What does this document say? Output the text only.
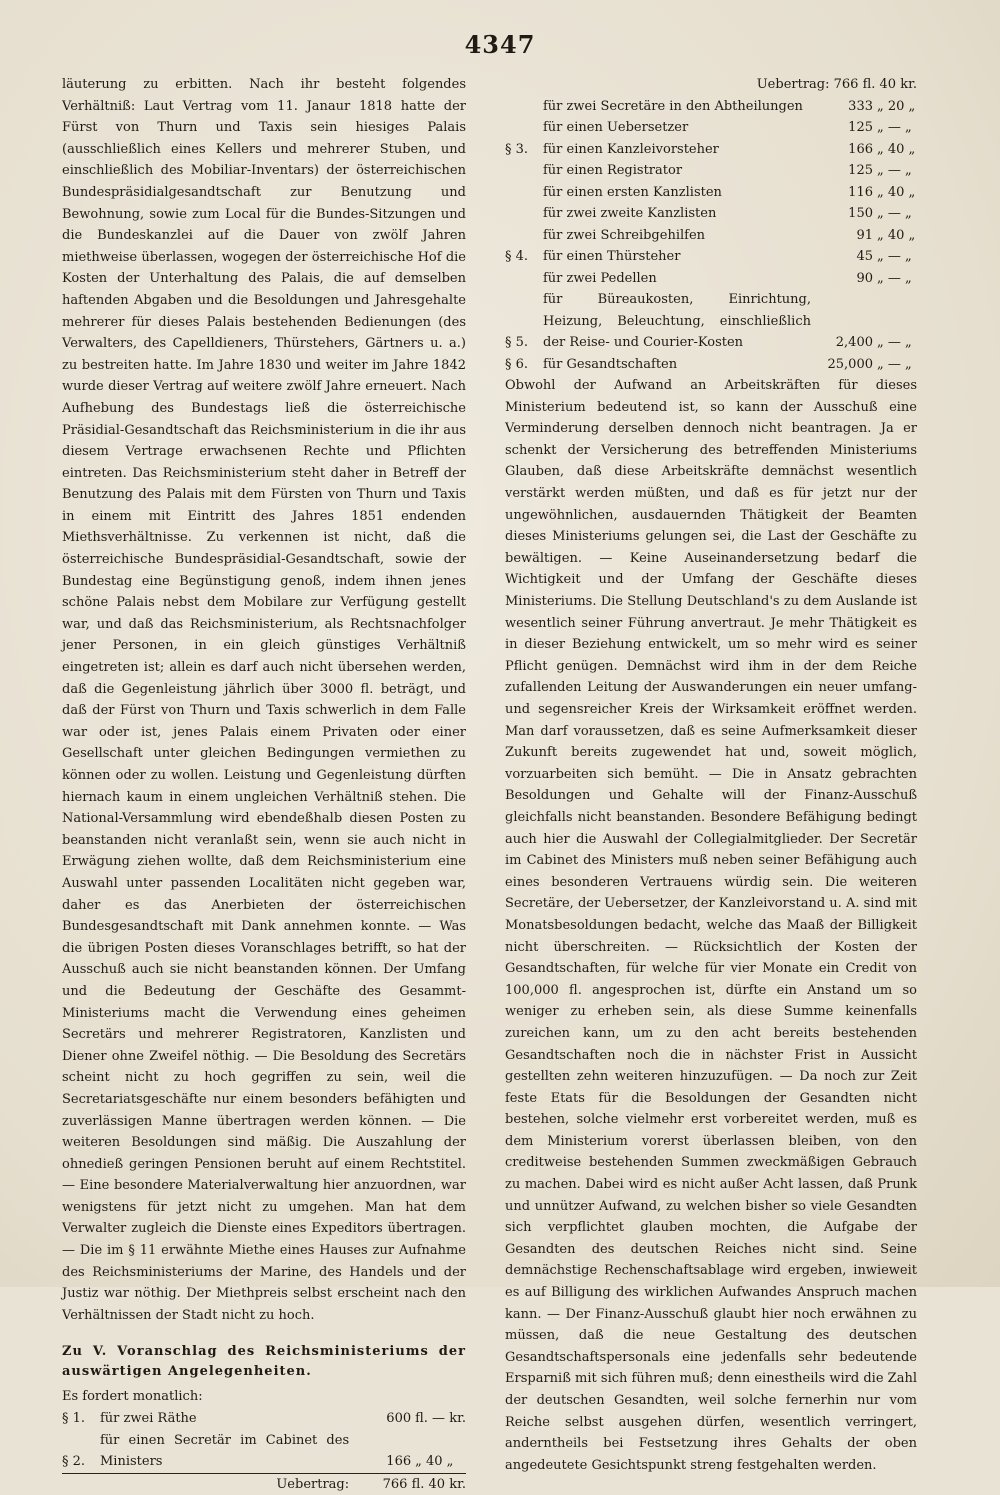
4347

läuterung zu erbitten. Nach ihr besteht folgendes Verhältniß: Laut Vertrag vom 11. Janaur 1818 hatte der Fürst von Thurn und Taxis sein hiesiges Palais (ausschließlich eines Kellers und mehrerer Stuben, und einschließlich des Mobiliar-Inventars) der österreichischen Bundespräsidialgesandtschaft zur Benutzung und Bewohnung, sowie zum Local für die Bundes-Sitzungen und die Bundeskanzlei auf die Dauer von zwölf Jahren miethweise überlassen, wogegen der österreichische Hof die Kosten der Unterhaltung des Palais, die auf demselben haftenden Abgaben und die Besoldungen und Jahresgehalte mehrerer für dieses Palais bestehenden Bedienungen (des Verwalters, des Capelldieners, Thürstehers, Gärtners u. a.) zu bestreiten hatte. Im Jahre 1830 und weiter im Jahre 1842 wurde dieser Vertrag auf weitere zwölf Jahre erneuert. Nach Aufhebung des Bundestags ließ die österreichische Präsidial-Gesandtschaft das Reichsministerium in die ihr aus diesem Vertrage erwachsenen Rechte und Pflichten eintreten. Das Reichsministerium steht daher in Betreff der Benutzung des Palais mit dem Fürsten von Thurn und Taxis in einem mit Eintritt des Jahres 1851 endenden Miethsverhältnisse. Zu verkennen ist nicht, daß die österreichische Bundespräsidial-Gesandtschaft, sowie der Bundestag eine Begünstigung genoß, indem ihnen jenes schöne Palais nebst dem Mobilare zur Verfügung gestellt war, und daß das Reichsministerium, als Rechtsnachfolger jener Personen, in ein gleich günstiges Verhältniß eingetreten ist; allein es darf auch nicht übersehen werden, daß die Gegenleistung jährlich über 3000 fl. beträgt, und daß der Fürst von Thurn und Taxis schwerlich in dem Falle war oder ist, jenes Palais einem Privaten oder einer Gesellschaft unter gleichen Bedingungen vermiethen zu können oder zu wollen. Leistung und Gegenleistung dürften hiernach kaum in einem ungleichen Verhältniß stehen. Die National-Versammlung wird ebendeßhalb diesen Posten zu beanstanden nicht veranlaßt sein, wenn sie auch nicht in Erwägung ziehen wollte, daß dem Reichsministerium eine Auswahl unter passenden Localitäten nicht gegeben war, daher es das Anerbieten der österreichischen Bundesgesandtschaft mit Dank annehmen konnte. — Was die übrigen Posten dieses Voranschlages betrifft, so hat der Ausschuß auch sie nicht beanstanden können. Der Umfang und die Bedeutung der Geschäfte des Gesammt-Ministeriums macht die Verwendung eines geheimen Secretärs und mehrerer Registratoren, Kanzlisten und Diener ohne Zweifel nöthig. — Die Besoldung des Secretärs scheint nicht zu hoch gegriffen zu sein, weil die Secretariatsgeschäfte nur einem besonders befähigten und zuverlässigen Manne übertragen werden können. — Die weiteren Besoldungen sind mäßig. Die Auszahlung der ohnedieß geringen Pensionen beruht auf einem Rechtstitel. — Eine besondere Materialverwaltung hier anzuordnen, war wenigstens für jetzt nicht zu umgehen. Man hat dem Verwalter zugleich die Dienste eines Expeditors übertragen. — Die im § 11 erwähnte Miethe eines Hauses zur Aufnahme des Reichsministeriums der Marine, des Handels und der Justiz war nöthig. Der Miethpreis selbst erscheint nach den Verhältnissen der Stadt nicht zu hoch.

Zu V. Voranschlag des Reichsministeriums der auswärtigen Angelegenheiten.
Es fordert monatlich:
§ 1.	für zwei Räthe	600	fl. — kr.
§ 2.	für einen Secretär im Cabinet des Ministers	166	„ 40 „
	Uebertrag:	766 fl. 40 kr.	
Uebertrag: 766 fl. 40 kr.
	für zwei Secretäre in den Abtheilungen	333	„ 20 „
	für einen Uebersetzer	125	„ — „
§ 3.	für einen Kanzleivorsteher	166	„ 40 „
	für einen Registrator	125	„ — „
	für einen ersten Kanzlisten	116	„ 40 „
	für zwei zweite Kanzlisten	150	„ — „
	für zwei Schreibgehilfen	91	„ 40 „
§ 4.	für einen Thürsteher	45	„ — „
	für zwei Pedellen	90	„ — „
§ 5.	für Büreaukosten, Einrichtung, Heizung, Beleuchtung, einschließlich der Reise- und Courier-Kosten	2,400	„ — „
§ 6.	für Gesandtschaften	25,000	„ — „

Obwohl der Aufwand an Arbeitskräften für dieses Ministerium bedeutend ist, so kann der Ausschuß eine Verminderung derselben dennoch nicht beantragen. Ja er schenkt der Versicherung des betreffenden Ministeriums Glauben, daß diese Arbeitskräfte demnächst wesentlich verstärkt werden müßten, und daß es für jetzt nur der ungewöhnlichen, ausdauernden Thätigkeit der Beamten dieses Ministeriums gelungen sei, die Last der Geschäfte zu bewältigen. — Keine Auseinandersetzung bedarf die Wichtigkeit und der Umfang der Geschäfte dieses Ministeriums. Die Stellung Deutschland's zu dem Auslande ist wesentlich seiner Führung anvertraut. Je mehr Thätigkeit es in dieser Beziehung entwickelt, um so mehr wird es seiner Pflicht genügen. Demnächst wird ihm in der dem Reiche zufallenden Leitung der Auswanderungen ein neuer umfang- und segensreicher Kreis der Wirksamkeit eröffnet werden. Man darf voraussetzen, daß es seine Aufmerksamkeit dieser Zukunft bereits zugewendet hat und, soweit möglich, vorzuarbeiten sich bemüht. — Die in Ansatz gebrachten Besoldungen und Gehalte will der Finanz-Ausschuß gleichfalls nicht beanstanden. Besondere Befähigung bedingt auch hier die Auswahl der Collegialmitglieder. Der Secretär im Cabinet des Ministers muß neben seiner Befähigung auch eines besonderen Vertrauens würdig sein. Die weiteren Secretäre, der Uebersetzer, der Kanzleivorstand u. A. sind mit Monatsbesoldungen bedacht, welche das Maaß der Billigkeit nicht überschreiten. — Rücksichtlich der Kosten der Gesandtschaften, für welche für vier Monate ein Credit von 100,000 fl. angesprochen ist, dürfte ein Anstand um so weniger zu erheben sein, als diese Summe keinenfalls zureichen kann, um zu den acht bereits bestehenden Gesandtschaften noch die in nächster Frist in Aussicht gestellten zehn weiteren hinzuzufügen. — Da noch zur Zeit feste Etats für die Besoldungen der Gesandten nicht bestehen, solche vielmehr erst vorbereitet werden, muß es dem Ministerium vorerst überlassen bleiben, von den creditweise bestehenden Summen zweckmäßigen Gebrauch zu machen. Dabei wird es nicht außer Acht lassen, daß Prunk und unnützer Aufwand, zu welchen bisher so viele Gesandten sich verpflichtet glauben mochten, die Aufgabe der Gesandten des deutschen Reiches nicht sind. Seine demnächstige Rechenschaftsablage wird ergeben, inwieweit es auf Billigung des wirklichen Aufwandes Anspruch machen kann. — Der Finanz-Ausschuß glaubt hier noch erwähnen zu müssen, daß die neue Gestaltung des deutschen Gesandtschaftspersonals eine jedenfalls sehr bedeutende Ersparniß mit sich führen muß; denn einestheils wird die Zahl der deutschen Gesandten, weil solche fernerhin nur vom Reiche selbst ausgehen dürfen, wesentlich verringert, anderntheils bei Festsetzung ihres Gehalts der oben angedeutete Gesichtspunkt streng festgehalten werden.
